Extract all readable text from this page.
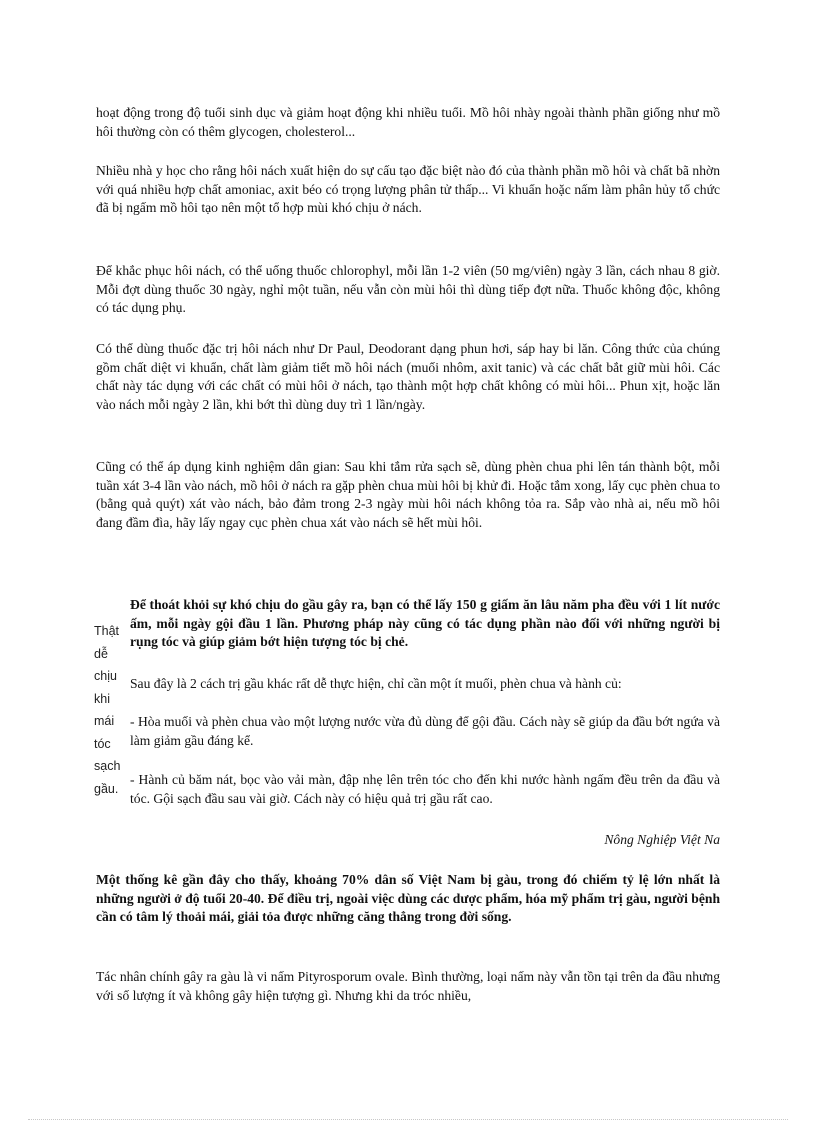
hoạt động trong độ tuổi sinh dục và giảm hoạt động khi nhiều tuổi. Mồ hôi nhày ngoài thành phần giống như mồ hôi thường còn có thêm glycogen, cholesterol...

Nhiều nhà y học cho rằng hôi nách xuất hiện do sự cấu tạo đặc biệt nào đó của thành phần mồ hôi và chất bã nhờn với quá nhiều hợp chất amoniac, axit béo có trọng lượng phân tử thấp... Vi khuẩn hoặc nấm làm phân hủy tổ chức đã bị ngấm mồ hôi tạo nên một tổ hợp mùi khó chịu ở nách.

Để khắc phục hôi nách, có thể uống thuốc chlorophyl, mỗi lần 1-2 viên (50 mg/viên) ngày 3 lần, cách nhau 8 giờ. Mỗi đợt dùng thuốc 30 ngày, nghỉ một tuần, nếu vẫn còn mùi hôi thì dùng tiếp đợt nữa. Thuốc không độc, không có tác dụng phụ.

Có thể dùng thuốc đặc trị hôi nách như Dr Paul, Deodorant dạng phun hơi, sáp hay bi lăn. Công thức của chúng gồm chất diệt vi khuẩn, chất làm giảm tiết mồ hôi nách (muối nhôm, axit tanic) và các chất bắt giữ mùi hôi. Các chất này tác dụng với các chất có mùi hôi ở nách, tạo thành một hợp chất không có mùi hôi... Phun xịt, hoặc lăn vào nách mỗi ngày 2 lần, khi bớt thì dùng duy trì 1 lần/ngày.

Cũng có thể áp dụng kinh nghiệm dân gian: Sau khi tắm rửa sạch sẽ, dùng phèn chua phi lên tán thành bột, mỗi tuần xát 3-4 lần vào nách, mồ hôi ở nách ra gặp phèn chua mùi hôi bị khử đi. Hoặc tắm xong, lấy cục phèn chua to (bằng quả quýt) xát vào nách, bảo đảm trong 2-3 ngày mùi hôi nách không tỏa ra. Sắp vào nhà ai, nếu mồ hôi đang đầm đìa, hãy lấy ngay cục phèn chua xát vào nách sẽ hết mùi hôi.

Thật
dễ
chịu
khi
mái
tóc
sạch
gầu.

Để thoát khỏi sự khó chịu do gầu gây ra, bạn có thể lấy 150 g giấm ăn lâu năm pha đều với 1 lít nước ấm, mỗi ngày gội đầu 1 lần. Phương pháp này cũng có tác dụng phần nào đối với những người bị rụng tóc và giúp giảm bớt hiện tượng tóc bị chẻ.

Sau đây là 2 cách trị gầu khác rất dễ thực hiện, chỉ cần một ít muối, phèn chua và hành củ:

- Hòa muối và phèn chua vào một lượng nước vừa đủ dùng để gội đầu. Cách này sẽ giúp da đầu bớt ngứa và làm giảm gầu đáng kể.

- Hành củ băm nát, bọc vào vải màn, đập nhẹ lên trên tóc cho đến khi nước hành ngấm đều trên da đầu và tóc. Gội sạch đầu sau vài giờ. Cách này có hiệu quả trị gầu rất cao.

Nông Nghiệp Việt Na

Một thống kê gần đây cho thấy, khoảng 70% dân số Việt Nam bị gàu, trong đó chiếm tỷ lệ lớn nhất là những người ở độ tuổi 20-40. Để điều trị, ngoài việc dùng các dược phẩm, hóa mỹ phẩm trị gàu, người bệnh cần có tâm lý thoải mái, giải tỏa được những căng thẳng trong đời sống.

Tác nhân chính gây ra gàu là vi nấm Pityrosporum ovale. Bình thường, loại nấm này vẫn tồn tại trên da đầu nhưng với số lượng ít và không gây hiện tượng gì. Nhưng khi da tróc nhiều,
